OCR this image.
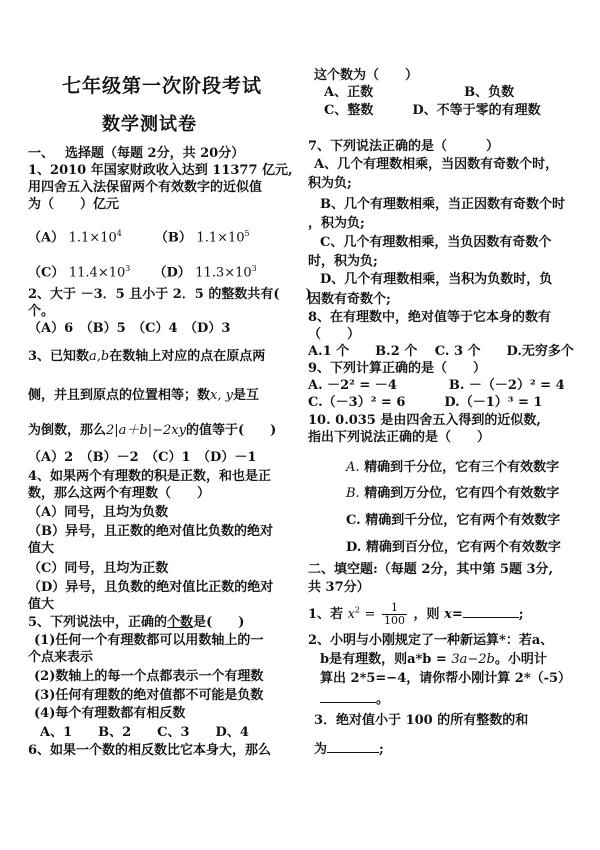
七年级第一次阶段考试
数学测试卷
一、　 选择题（每题 2分，共 20分）
1、2010 年国家财政收入达到 11377 亿元,
用四舍五入法保留两个有效数字的近似值
为（　　）亿元
（A） $1.1\times 10^4$	（B） $1.1\times 10^5$
（C） $11.4\times 10^3$ （D） $11.3\times 10^3$
2、大于 －3．5 且小于 2．5 的整数共有(　　)
个。
（A）6　（B）5　（C）4　（D）3
3、已知数a,b在数轴上对应的点在原点两
侧，并且到原点的位置相等；数x, y是互
为倒数，那么2|a＋b|−2xy的值等于(　　)
（A）2　（B）－2　（C）1　（D）－1
4、如果两个有理数的积是正数，和也是正
数，那么这两个有理数（　　）
（A）同号，且均为负数
（B）异号，且正数的绝对值比负数的绝对
值大
（C）同号，且均为正数
（D）异号，且负数的绝对值比正数的绝对
值大
5、下列说法中，正确的个数是(　　)
(1)任何一个有理数都可以用数轴上的一
个点来表示
(2)数轴上的每一个点都表示一个有理数
(3)任何有理数的绝对值都不可能是负数
(4)每个有理数都有相反数
A、1　　B、2　　C、3　　D、4
6、如果一个数的相反数比它本身大，那么
这个数为（　　）
A、正数　　　　　　　B、负数
C、整数　　　D、不等于零的有理数
7、下列说法正确的是（　　　）
A、几个有理数相乘，当因数有奇数个时，
积为负;
B、几个有理数相乘，当正因数有奇数个时
，积为负;
C、几个有理数相乘，当负因数有奇数个
时，积为负;
D、几个有理数相乘，当积为负数时，负
因数有奇数个;
8、在有理数中，绝对值等于它本身的数有
（　　）
A.1 个　　B.2 个　 C. 3 个　　D.无穷多个
9、下列计算正确的是（　　）
A. －2² = －4　　　　B. －（－2）² = 4
C.（－3）² = 6　　　D.（－1）³ = 1
10. 0.035 是由四舍五入得到的近似数,
指出下列说法正确的是（　　）
A. 精确到千分位，它有三个有效数字
B. 精确到万分位，它有四个有效数字
C. 精确到千分位，它有两个有效数字
D. 精确到百分位，它有两个有效数字
二、填空题:（每题 2分，其中第 5题 3分,
共 37分）
1、若 $x^2 = \frac{1}{100}$ ，则 x=	;
2、小明与小刚规定了一种新运算*：若a、
b是有理数，则a*b = 3a−2b。小明计
算出 2*5=−4，请你帮小刚计算 2*（-5）
。
3．绝对值小于 100 的所有整数的和
为	;
